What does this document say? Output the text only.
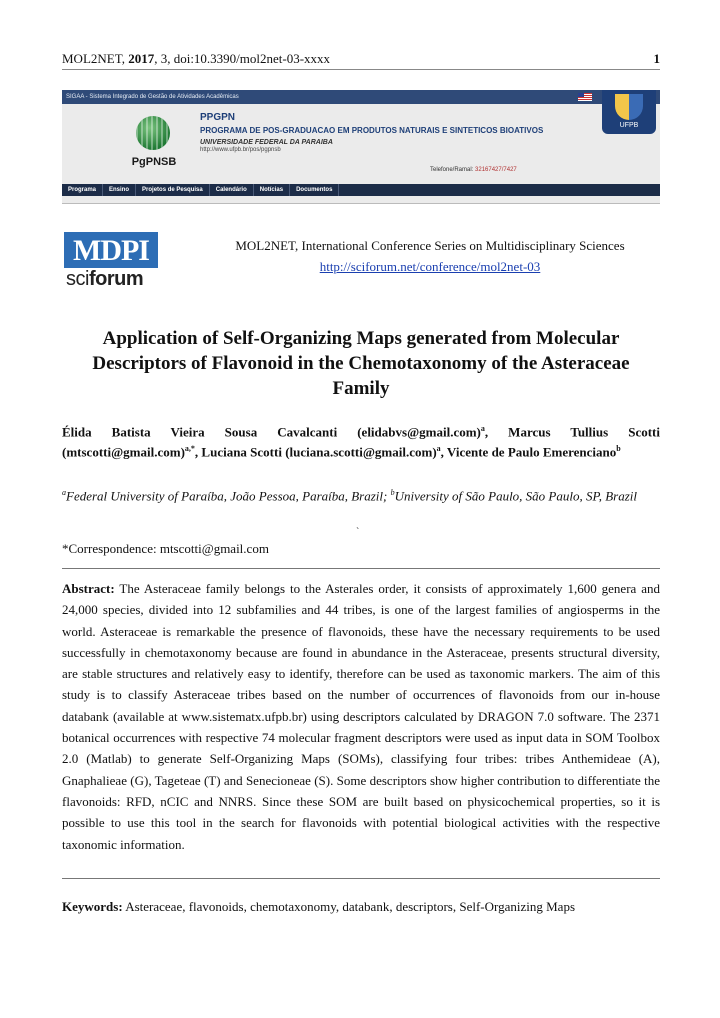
MOL2NET, 2017, 3, doi:10.3390/mol2net-03-xxxx	1
SIGAA - Sistema Integrado de Gestão de Atividades Acadêmicas
UFPB
PgPNSB
PPGPN
PROGRAMA DE POS-GRADUACAO EM PRODUTOS NATURAIS E SINTETICOS BIOATIVOS
UNIVERSIDADE FEDERAL DA PARAIBA
http://www.ufpb.br/pos/pgpnsb
Telefone/Ramal: 32167427/7427
Programa	Ensino	Projetos de Pesquisa	Calendário	Notícias	Documentos
MDPI
sciforum
MOL2NET, International Conference Series on Multidisciplinary Sciences
http://sciforum.net/conference/mol2net-03
Application of Self-Organizing Maps generated from Molecular Descriptors of Flavonoid in the Chemotaxonomy of the Asteraceae Family
Élida Batista Vieira Sousa Cavalcanti (elidabvs@gmail.com)$^a$, Marcus Tullius Scotti (mtscotti@gmail.com)$^{a,*}$, Luciana Scotti (luciana.scotti@gmail.com)$^a$, Vicente de Paulo Emerenciano$^b$
$^a$Federal University of Paraíba, João Pessoa, Paraíba, Brazil; $^b$University of São Paulo, São Paulo, SP, Brazil
`
*Correspondence: mtscotti@gmail.com
Abstract: The Asteraceae family belongs to the Asterales order, it consists of approximately 1,600 genera and 24,000 species, divided into 12 subfamilies and 44 tribes, is one of the largest families of angiosperms in the world. Asteraceae is remarkable the presence of flavonoids, these have the necessary requirements to be used successfully in chemotaxonomy because are found in abundance in the Asteraceae, presents structural diversity, are stable structures and relatively easy to identify, therefore can be used as taxonomic markers. The aim of this study is to classify Asteraceae tribes based on the number of occurrences of flavonoids from our in-house databank (available at www.sistematx.ufpb.br) using descriptors calculated by DRAGON 7.0 software. The 2371 botanical occurrences with respective 74 molecular fragment descriptors were used as input data in SOM Toolbox 2.0 (Matlab) to generate Self-Organizing Maps (SOMs), classifying four tribes: tribes Anthemideae (A), Gnaphalieae (G), Tageteae (T) and Senecioneae (S). Some descriptors show higher contribution to differentiate the flavonoids: RFD, nCIC and NNRS. Since these SOM are built based on physicochemical properties, so it is possible to use this tool in the search for flavonoids with potential biological activities with the respective taxonomic information.
Keywords: Asteraceae, flavonoids, chemotaxonomy, databank, descriptors, Self-Organizing Maps
